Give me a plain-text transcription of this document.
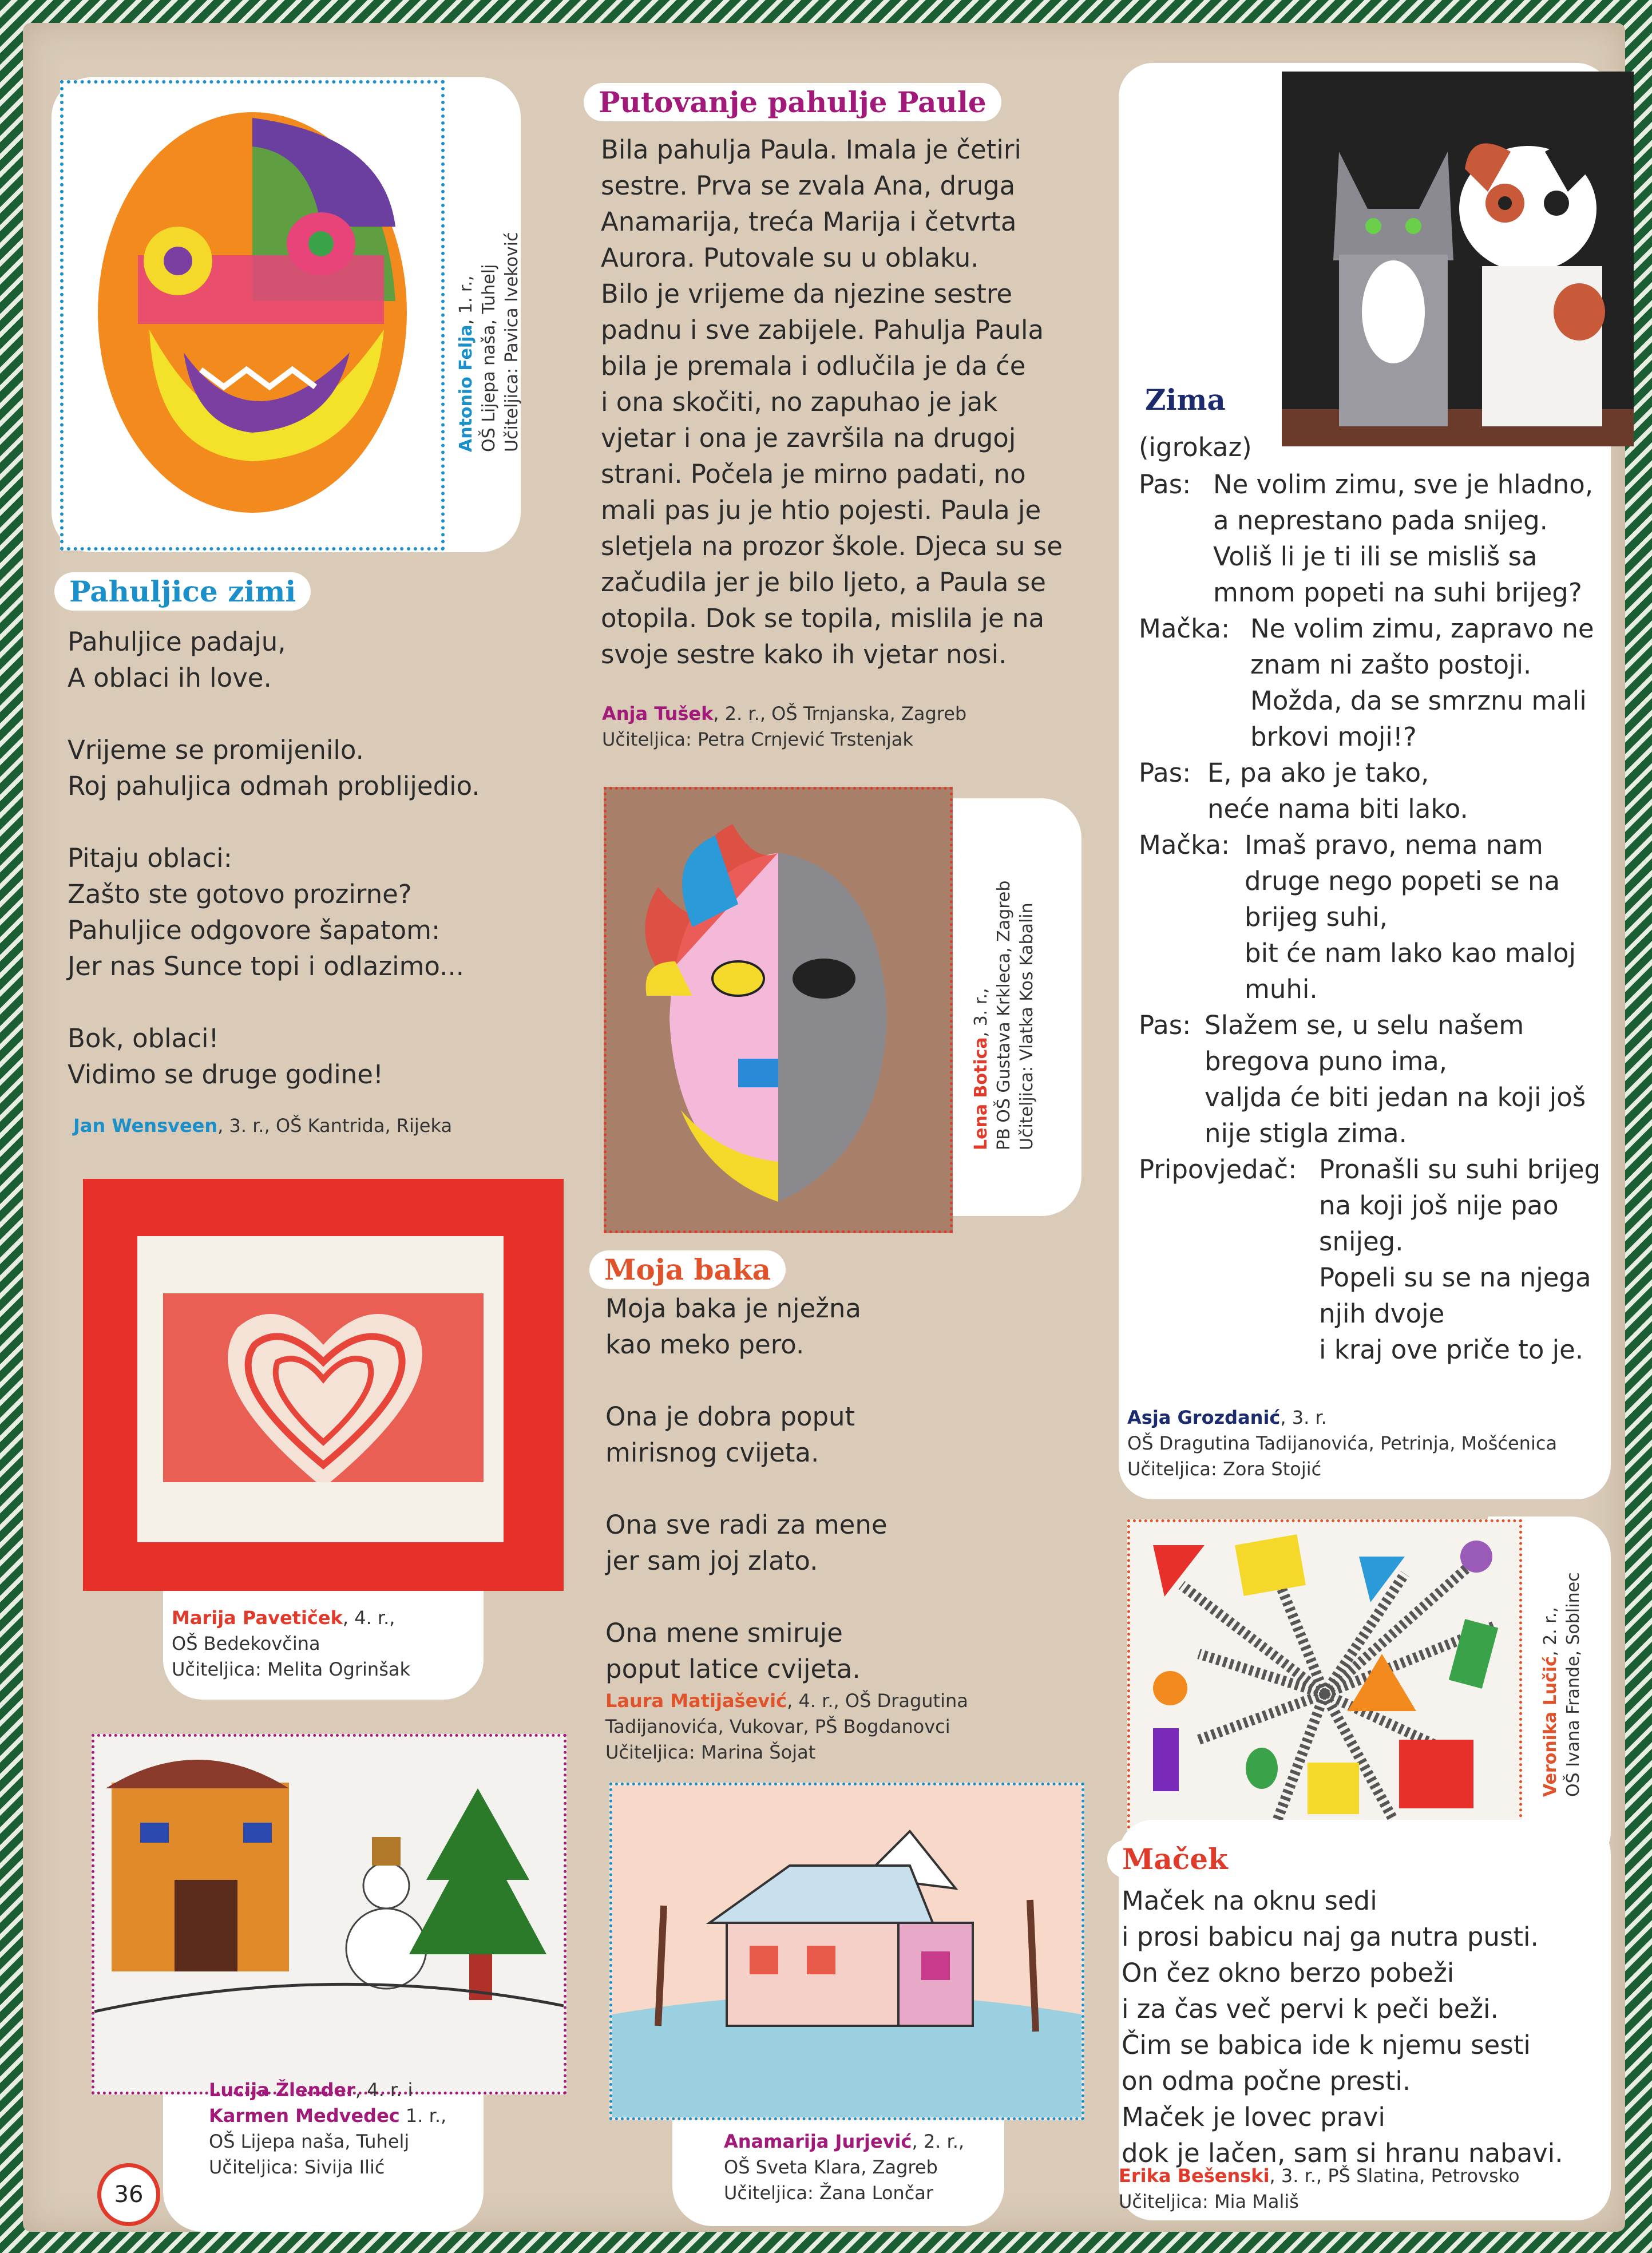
Antonio Felja, 1. r., OŠ Lijepa naša, Tuhelj Učiteljica: Pavica Iveković
Pahuljice zimi
Pahuljice padaju,
A oblaci ih love.

Vrijeme se promijenilo.
Roj pahuljica odmah problijedio.

Pitaju oblaci:
Zašto ste gotovo prozirne?
Pahuljice odgovore šapatom:
Jer nas Sunce topi i odlazimo...

Bok, oblaci!
Vidimo se druge godine!
Jan Wensveen, 3. r., OŠ Kantrida, Rijeka
Marija Pavetiček, 4. r.,
OŠ Bedekovčina
Učiteljica: Melita Ogrinšak
Lucija Žlender, 4. r. i
Karmen Medvedec 1. r.,
OŠ Lijepa naša, Tuhelj
Učiteljica: Sivija Ilić
Putovanje pahulje Paule
Bila pahulja Paula. Imala je četiri
sestre. Prva se zvala Ana, druga
Anamarija, treća Marija i četvrta
Aurora. Putovale su u oblaku.
Bilo je vrijeme da njezine sestre
padnu i sve zabijele. Pahulja Paula
bila je premala i odlučila je da će
i ona skočiti, no zapuhao je jak
vjetar i ona je završila na drugoj
strani. Počela je mirno padati, no
mali pas ju je htio pojesti. Paula je
sletjela na prozor škole. Djeca su se
začudila jer je bilo ljeto, a Paula se
otopila. Dok se topila, mislila je na
svoje sestre kako ih vjetar nosi.
Anja Tušek, 2. r., OŠ Trnjanska, Zagreb
Učiteljica: Petra Crnjević Trstenjak
Lena Botica, 3. r., PB OŠ Gustava Krkleca, Zagreb Učiteljica: Vlatka Kos Kabalin
Moja baka
Moja baka je nježna
kao meko pero.

Ona je dobra poput
mirisnog cvijeta.

Ona sve radi za mene
jer sam joj zlato.

Ona mene smiruje
poput latice cvijeta.
Laura Matijašević, 4. r., OŠ Dragutina
Tadijanovića, Vukovar, PŠ Bogdanovci
Učiteljica: Marina Šojat
Anamarija Jurjević, 2. r.,
OŠ Sveta Klara, Zagreb
Učiteljica: Žana Lončar
Zima
(igrokaz)
Pas: Ne volim zimu, sve je hladno,
a neprestano pada snijeg.
Voliš li je ti ili se misliš sa
mnom popeti na suhi brijeg?
Mačka: Ne volim zimu, zapravo ne
znam ni zašto postoji.
Možda, da se smrznu mali
brkovi moji!?
Pas: E, pa ako je tako,
neće nama biti lako.
Mačka: Imaš pravo, nema nam
druge nego popeti se na
brijeg suhi,
bit će nam lako kao maloj
muhi.
Pas: Slažem se, u selu našem
bregova puno ima,
valjda će biti jedan na koji još
nije stigla zima.
Pripovjedač: Pronašli su suhi brijeg
na koji još nije pao
snijeg.
Popeli su se na njega
njih dvoje
i kraj ove priče to je.
Asja Grozdanić, 3. r.
OŠ Dragutina Tadijanovića, Petrinja, Mošćenica
Učiteljica: Zora Stojić
Veronika Lučić, 2. r., OŠ Ivana Frande, Soblinec
Maček
Maček na oknu sedi
i prosi babicu naj ga nutra pusti.
On čez okno berzo pobeži
i za čas več pervi k peči beži.
Čim se babica ide k njemu sesti
on odma počne presti.
Maček je lovec pravi
dok je lačen, sam si hranu nabavi.
Erika Bešenski, 3. r., PŠ Slatina, Petrovsko
Učiteljica: Mia Mališ
36
